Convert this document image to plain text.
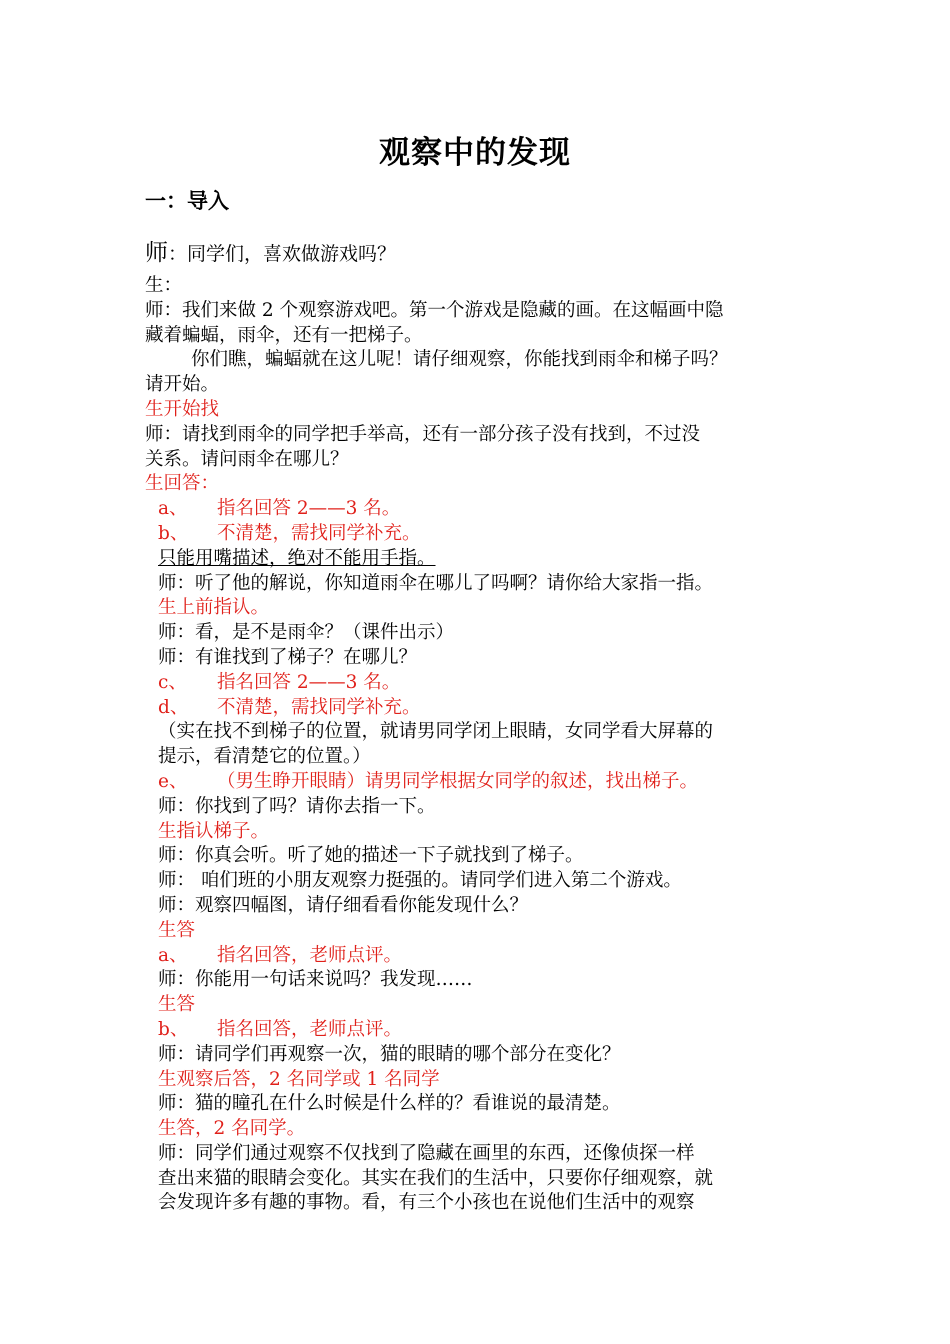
观察中的发现
一：导入
师：同学们，喜欢做游戏吗？
生：
师：我们来做 2 个观察游戏吧。第一个游戏是隐藏的画。在这幅画中隐
藏着蝙蝠，雨伞，还有一把梯子。
你们瞧，蝙蝠就在这儿呢！请仔细观察，你能找到雨伞和梯子吗？
请开始。
生开始找
师：请找到雨伞的同学把手举高，还有一部分孩子没有找到，不过没
关系。请问雨伞在哪儿？
生回答：
a、 指名回答 2——3 名。
b、 不清楚，需找同学补充。
只能用嘴描述，绝对不能用手指。
师：听了他的解说，你知道雨伞在哪儿了吗啊？请你给大家指一指。
生上前指认。
师：看，是不是雨伞？（课件出示）
师：有谁找到了梯子？在哪儿？
c、 指名回答 2——3 名。
d、 不清楚，需找同学补充。
（实在找不到梯子的位置，就请男同学闭上眼睛，女同学看大屏幕的
提示，看清楚它的位置。）
e、 （男生睁开眼睛）请男同学根据女同学的叙述，找出梯子。
师：你找到了吗？请你去指一下。
生指认梯子。
师：你真会听。听了她的描述一下子就找到了梯子。
师： 咱们班的小朋友观察力挺强的。请同学们进入第二个游戏。
师：观察四幅图，请仔细看看你能发现什么？
生答
a、 指名回答，老师点评。
师：你能用一句话来说吗？我发现……
生答
b、 指名回答，老师点评。
师：请同学们再观察一次，猫的眼睛的哪个部分在变化？
生观察后答，2 名同学或 1 名同学
师：猫的瞳孔在什么时候是什么样的？看谁说的最清楚。
生答，2 名同学。
师：同学们通过观察不仅找到了隐藏在画里的东西，还像侦探一样
查出来猫的眼睛会变化。其实在我们的生活中，只要你仔细观察，就
会发现许多有趣的事物。看，有三个小孩也在说他们生活中的观察
